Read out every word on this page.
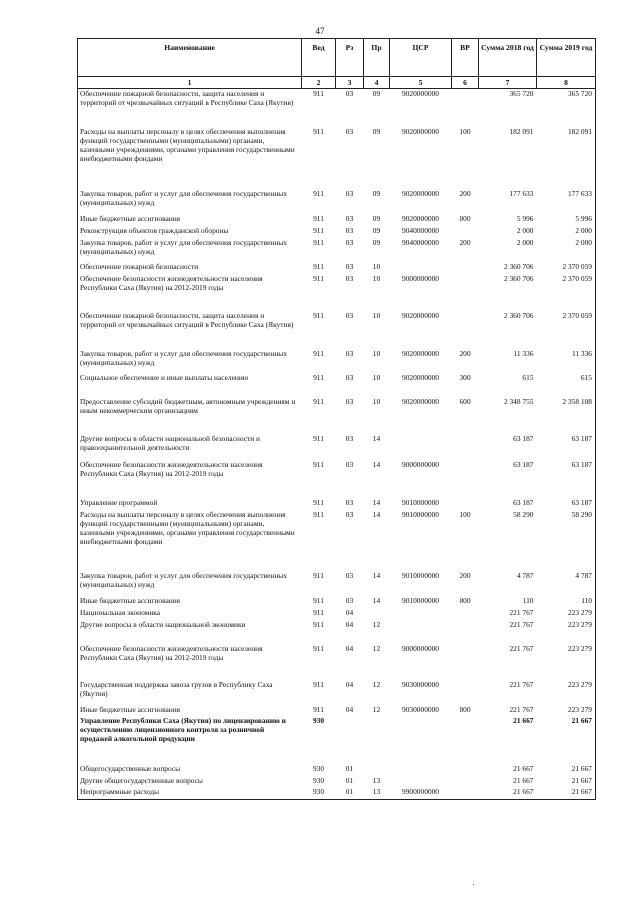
47
Наименование	Вед	Рз	Пр	ЦСР	ВР	Сумма 2018 год	Сумма 2019 год
1	2	3	4	5	6	7	8
Обеспечение пожарной безопасности, защита населения и территорий от чрезвычайных ситуаций в Республике Саха (Якутия)	911	03	09	9020000000		365 720	365 720
Расходы на выплаты персоналу в целях обеспечения выполнения функций государственными (муниципальными) органами, казенными учреждениями, органами управления государственными внебюджетными фондами	911	03	09	9020000000	100	182 091	182 091
Закупка товаров, работ и услуг для обеспечения государственных (муниципальных) нужд	911	03	09	9020000000	200	177 633	177 633
Иные бюджетные ассигнования	911	03	09	9020000000	800	5 996	5 996
Реконструкция объектов гражданской обороны	911	03	09	9040000000		2 000	2 000
Закупка товаров, работ и услуг для обеспечения государственных (муниципальных) нужд	911	03	09	9040000000	200	2 000	2 000
Обеспечение пожарной безопасности	911	03	10			2 360 706	2 370 059
Обеспечение безопасности жизнедеятельности населения Республики Саха (Якутия) на 2012-2019 годы	911	03	10	9000000000		2 360 706	2 370 059
Обеспечение пожарной безопасности, защита населения и территорий от чрезвычайных ситуаций в Республике Саха (Якутия)	911	03	10	9020000000		2 360 706	2 370 059
Закупка товаров, работ и услуг для обеспечения государственных (муниципальных) нужд	911	03	10	9020000000	200	11 336	11 336
Социальное обеспечение и иные выплаты населению	911	03	10	9020000000	300	615	615
Предоставление субсидий бюджетным, автономным учреждениям и иным некоммерческим организациям	911	03	10	9020000000	600	2 348 755	2 358 108
Другие вопросы в области национальной безопасности и правоохранительной деятельности	911	03	14			63 187	63 187
Обеспечение безопасности жизнедеятельности населения Республики Саха (Якутия) на 2012-2019 годы	911	03	14	9000000000		63 187	63 187
Управление программой	911	03	14	9010000000		63 187	63 187
Расходы на выплаты персоналу в целях обеспечения выполнения функций государственными (муниципальными) органами, казенными учреждениями, органами управления государственными внебюджетными фондами	911	03	14	9010000000	100	58 290	58 290
Закупка товаров, работ и услуг для обеспечения государственных (муниципальных) нужд	911	03	14	9010000000	200	4 787	4 787
Иные бюджетные ассигнования	911	03	14	9010000000	800	110	110
Национальная экономика	911	04				221 767	223 279
Другие вопросы в области национальной экономики	911	04	12			221 767	223 279
Обеспечение безопасности жизнедеятельности населения Республики Саха (Якутия) на 2012-2019 годы	911	04	12	9000000000		221 767	223 279
Государственная поддержка завоза грузов в Республику Саха (Якутия)	911	04	12	9030000000		221 767	223 279
Иные бюджетные ассигнования	911	04	12	9030000000	800	221 767	223 279
Управление Республики Саха (Якутия) по лицензированию и осуществлению лицензионного контроля за розничной продажей алкогольной продукции	930					21 667	21 667
Общегосударственные вопросы	930	01				21 667	21 667
Другие общегосударственные вопросы	930	01	13			21 667	21 667
Непрограммные расходы	930	01	13	9900000000		21 667	21 667
